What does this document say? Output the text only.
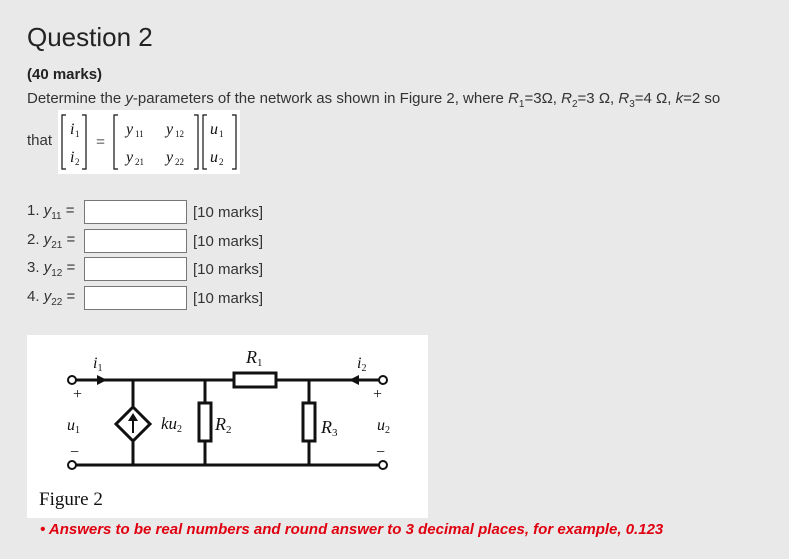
Question 2
(40 marks)
Determine the y-parameters of the network as shown in Figure 2, where $R_1=3\Omega$, $R_2=3$ Ω, $R_3=4$ Ω, k=2 so
that
i 1
i 2
=
y 11 y 12
y 21 y 22
u 1
u 2
1. $y_{11}$ =	[10 marks]
2. $y_{21}$ =	[10 marks]
3. $y_{12}$ =	[10 marks]
4. $y_{22}$ =	[10 marks]
i1	i2
+	+
u1	u2
−	−
R1
R2	R3
ku2
Figure 2
• Answers to be real numbers and round answer to 3 decimal places, for example, 0.123
